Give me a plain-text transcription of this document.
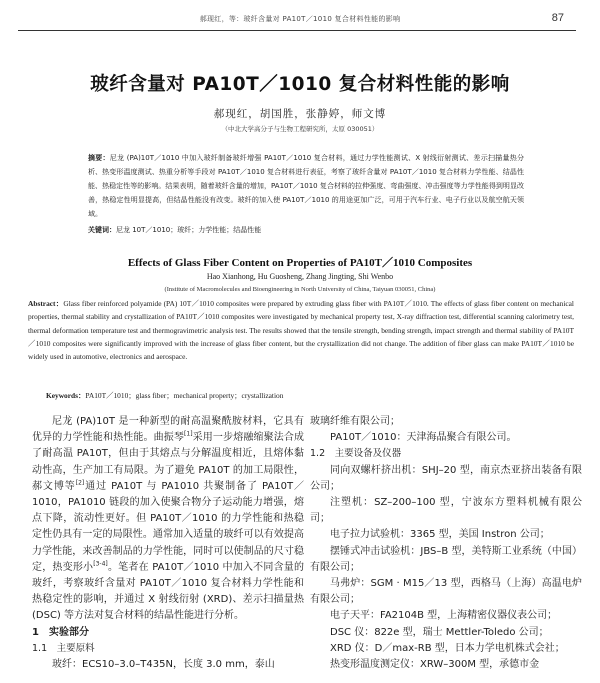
郝现红，等：玻纤含量对 PA10T／1010 复合材料性能的影响	87
玻纤含量对 PA10T／1010 复合材料性能的影响
郝现红，胡国胜，张静婷，师文博
（中北大学高分子与生物工程研究所，太原 030051）
摘要：尼龙 (PA)10T／1010 中加入玻纤制备玻纤增强 PA10T／1010 复合材料，通过力学性能测试、X 射线衍射测试、差示扫描量热分析、热变形温度测试、热重分析等手段对 PA10T／1010 复合材料进行表征，考察了玻纤含量对 PA10T／1010 复合材料力学性能、结晶性能、热稳定性等的影响。结果表明，随着玻纤含量的增加，PA10T／1010 复合材料的拉伸强度、弯曲强度、冲击强度等力学性能得到明显改善，热稳定性明显提高，但结晶性能没有改变。玻纤的加入使 PA10T／1010 的用途更加广泛，可用于汽车行业、电子行业以及航空航天领域。
关键词：尼龙 10T／1010；玻纤；力学性能；结晶性能
Effects of Glass Fiber Content on Properties of PA10T／1010 Composites
Hao Xianhong, Hu Guosheng, Zhang Jingting, Shi Wenbo
(Institute of Macromolecules and Bioengineering in North University of China, Taiyuan 030051, China)
Abstract：Glass fiber reinforced polyamide (PA) 10T／1010 composites were prepared by extruding glass fiber with PA10T／1010. The effects of glass fiber content on mechanical properties, thermal stability and crystallization of PA10T／1010 composites were investigated by mechanical property test, X-ray diffraction test, differential scanning calorimetry test, thermal deformation temperature test and thermogravimetric analysis test. The results showed that the tensile strength, bending strength, impact strength and thermal stability of PA10T／1010 composites were significantly improved with the increase of glass fiber content, but the crystallization did not change. The addition of fiber glass can make PA10T／1010 be widely used in automotive, electronics and aerospace.
Keywords：PA10T／1010；glass fiber；mechanical property；crystallization

尼龙 (PA)10T 是一种新型的耐高温聚酰胺材料，它具有优异的力学性能和热性能。曲振琴[1]采用一步熔融缩聚法合成了耐高温 PA10T，但由于其熔点与分解温度相近，且熔体黏动性高，生产加工有局限。为了避免 PA10T 的加工局限性，郝文博等[2]通过 PA10T 与 PA1010 共聚制备了 PA10T／1010，PA1010 链段的加入使聚合物分子运动能力增强，熔点下降，流动性更好。但 PA10T／1010 的力学性能和热稳定性仍具有一定的局限性。通常加入适量的玻纤可以有效提高力学性能，来改善制品的力学性能，同时可以使制品的尺寸稳定，热变形小[3-4]。笔者在 PA10T／1010 中加入不同含量的玻纤，考察玻纤含量对 PA10T／1010 复合材料力学性能和热稳定性的影响，并通过 X 射线衍射 (XRD)、差示扫描量热 (DSC) 等方法对复合材料的结晶性能进行分析。

1　实验部分

1.1　主要原料

玻纤：ECS10–3.0–T435N，长度 3.0 mm，泰山

玻璃纤维有限公司；

PA10T／1010：天津海晶聚合有限公司。

1.2　主要设备及仪器

同向双螺杆挤出机：SHJ–20 型，南京杰亚挤出装备有限公司；

注塑机：SZ–200–100 型，宁波东方塑料机械有限公司；

电子拉力试验机：3365 型，美国 Instron 公司；

摆锤式冲击试验机：JBS–B 型，美特斯工业系统（中国）有限公司；

马弗炉：SGM · M15／13 型，西格马（上海）高温电炉有限公司；

电子天平：FA2104B 型，上海精密仪器仪表公司；

DSC 仪：822e 型，瑞士 Mettler-Toledo 公司；

XRD 仪：D／max-RB 型，日本力学电机株式会社；

热变形温度测定仪：XRW–300M 型，承德市金
